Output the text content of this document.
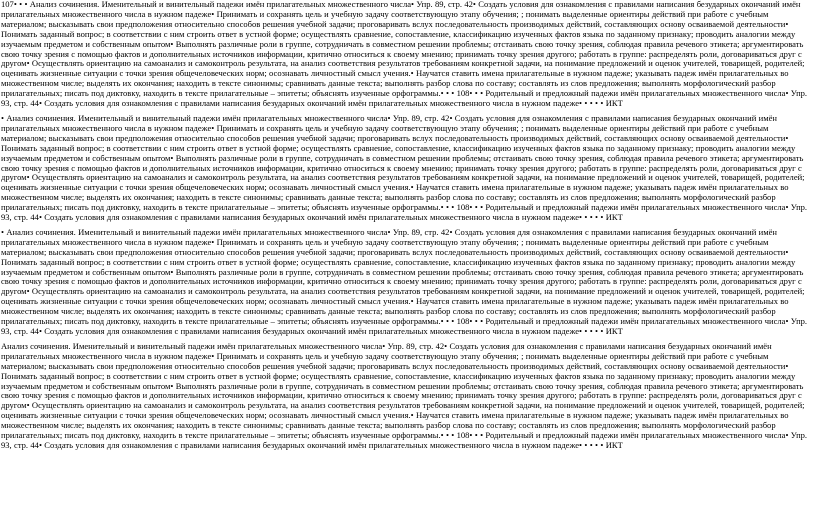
107• • • Анализ сочинения. Именительный и винительный падежи имён прилагательных множественного числа• Упр. 89, стр. 42• Создать условия для ознакомления с правилами написания безударных окончаний имён прилагательных множественного числа в нужном падеже• Принимать и сохранять цель и учебную задачу соответствующую этапу обучения; ; понимать выделенные ориентиры действий при работе с учебным материалом; высказывать свои предположения относительно способов решения учебной задачи; проговаривать вслух последовательность производимых действий, составляющих основу осваиваемой деятельности• Понимать заданный вопрос; в соответствии с ним строить ответ в устной форме; осуществлять сравнение, сопоставление, классификацию изученных фактов языка по заданному признаку; проводить аналогии между изучаемым предметом и собственным опытом• Выполнять различные роли в группе, сотрудничать в совместном решении проблемы; отстаивать свою точку зрения, соблюдая правила речевого этикета; аргументировать свою точку зрения с помощью фактов и дополнительных источников информации, критично относиться к своему мнению; принимать точку зрения другого; работать в группе: распределять роли, договариваться друг с другом• Осуществлять ориентацию на самоанализ и самоконтроль результата, на анализ соответствия результатов требованиям конкретной задачи, на понимание предложений и оценок учителей, товарищей, родителей; оценивать жизненные ситуации с точки зрения общечеловеческих норм; осознавать личностный смысл учения.• Научатся ставить имена прилагательные в нужном падеже; указывать падеж имён прилагательных во множественном числе; выделять их окончания; находить в тексте синонимы; сравнивать данные текста; выполнять разбор слова по составу; составлять из слов предложения; выполнять морфологический разбор прилагательных; писать под диктовку, находить в тексте прилагательные – эпитеты; объяснять изученные орфограммы.• • • 108• • • Родительный и предложный падежи имён прилагательных множественного числа• Упр. 93, стр. 44• Создать условия для ознакомления с правилами написания безударных окончаний имён прилагательных множественного числа в нужном падеже• • • • • ИКТ

• Анализ сочинения. Именительный и винительный падежи имён прилагательных множественного числа• Упр. 89, стр. 42• Создать условия для ознакомления с правилами написания безударных окончаний имён прилагательных множественного числа в нужном падеже• Принимать и сохранять цель и учебную задачу соответствующую этапу обучения; ; понимать выделенные ориентиры действий при работе с учебным материалом; высказывать свои предположения относительно способов решения учебной задачи; проговаривать вслух последовательность производимых действий, составляющих основу осваиваемой деятельности• Понимать заданный вопрос; в соответствии с ним строить ответ в устной форме; осуществлять сравнение, сопоставление, классификацию изученных фактов языка по заданному признаку; проводить аналогии между изучаемым предметом и собственным опытом• Выполнять различные роли в группе, сотрудничать в совместном решении проблемы; отстаивать свою точку зрения, соблюдая правила речевого этикета; аргументировать свою точку зрения с помощью фактов и дополнительных источников информации, критично относиться к своему мнению; принимать точку зрения другого; работать в группе: распределять роли, договариваться друг с другом• Осуществлять ориентацию на самоанализ и самоконтроль результата, на анализ соответствия результатов требованиям конкретной задачи, на понимание предложений и оценок учителей, товарищей, родителей; оценивать жизненные ситуации с точки зрения общечеловеческих норм; осознавать личностный смысл учения.• Научатся ставить имена прилагательные в нужном падеже; указывать падеж имён прилагательных во множественном числе; выделять их окончания; находить в тексте синонимы; сравнивать данные текста; выполнять разбор слова по составу; составлять из слов предложения; выполнять морфологический разбор прилагательных; писать под диктовку, находить в тексте прилагательные – эпитеты; объяснять изученные орфограммы.• • • 108• • • Родительный и предложный падежи имён прилагательных множественного числа• Упр. 93, стр. 44• Создать условия для ознакомления с правилами написания безударных окончаний имён прилагательных множественного числа в нужном падеже• • • • • ИКТ

• Анализ сочинения. Именительный и винительный падежи имён прилагательных множественного числа• Упр. 89, стр. 42• Создать условия для ознакомления с правилами написания безударных окончаний имён прилагательных множественного числа в нужном падеже• Принимать и сохранять цель и учебную задачу соответствующую этапу обучения; ; понимать выделенные ориентиры действий при работе с учебным материалом; высказывать свои предположения относительно способов решения учебной задачи; проговаривать вслух последовательность производимых действий, составляющих основу осваиваемой деятельности• Понимать заданный вопрос; в соответствии с ним строить ответ в устной форме; осуществлять сравнение, сопоставление, классификацию изученных фактов языка по заданному признаку; проводить аналогии между изучаемым предметом и собственным опытом• Выполнять различные роли в группе, сотрудничать в совместном решении проблемы; отстаивать свою точку зрения, соблюдая правила речевого этикета; аргументировать свою точку зрения с помощью фактов и дополнительных источников информации, критично относиться к своему мнению; принимать точку зрения другого; работать в группе: распределять роли, договариваться друг с другом• Осуществлять ориентацию на самоанализ и самоконтроль результата, на анализ соответствия результатов требованиям конкретной задачи, на понимание предложений и оценок учителей, товарищей, родителей; оценивать жизненные ситуации с точки зрения общечеловеческих норм; осознавать личностный смысл учения.• Научатся ставить имена прилагательные в нужном падеже; указывать падеж имён прилагательных во множественном числе; выделять их окончания; находить в тексте синонимы; сравнивать данные текста; выполнять разбор слова по составу; составлять из слов предложения; выполнять морфологический разбор прилагательных; писать под диктовку, находить в тексте прилагательные – эпитеты; объяснять изученные орфограммы.• • • 108• • • Родительный и предложный падежи имён прилагательных множественного числа• Упр. 93, стр. 44• Создать условия для ознакомления с правилами написания безударных окончаний имён прилагательных множественного числа в нужном падеже• • • • • ИКТ

Анализ сочинения. Именительный и винительный падежи имён прилагательных множественного числа• Упр. 89, стр. 42• Создать условия для ознакомления с правилами написания безударных окончаний имён прилагательных множественного числа в нужном падеже• Принимать и сохранять цель и учебную задачу соответствующую этапу обучения; ; понимать выделенные ориентиры действий при работе с учебным материалом; высказывать свои предположения относительно способов решения учебной задачи; проговаривать вслух последовательность производимых действий, составляющих основу осваиваемой деятельности• Понимать заданный вопрос; в соответствии с ним строить ответ в устной форме; осуществлять сравнение, сопоставление, классификацию изученных фактов языка по заданному признаку; проводить аналогии между изучаемым предметом и собственным опытом• Выполнять различные роли в группе, сотрудничать в совместном решении проблемы; отстаивать свою точку зрения, соблюдая правила речевого этикета; аргументировать свою точку зрения с помощью фактов и дополнительных источников информации, критично относиться к своему мнению; принимать точку зрения другого; работать в группе: распределять роли, договариваться друг с другом• Осуществлять ориентацию на самоанализ и самоконтроль результата, на анализ соответствия результатов требованиям конкретной задачи, на понимание предложений и оценок учителей, товарищей, родителей; оценивать жизненные ситуации с точки зрения общечеловеческих норм; осознавать личностный смысл учения.• Научатся ставить имена прилагательные в нужном падеже; указывать падеж имён прилагательных во множественном числе; выделять их окончания; находить в тексте синонимы; сравнивать данные текста; выполнять разбор слова по составу; составлять из слов предложения; выполнять морфологический разбор прилагательных; писать под диктовку, находить в тексте прилагательные – эпитеты; объяснять изученные орфограммы.• • • 108• • • Родительный и предложный падежи имён прилагательных множественного числа• Упр. 93, стр. 44• Создать условия для ознакомления с правилами написания безударных окончаний имён прилагательных множественного числа в нужном падеже• • • • • ИКТ
